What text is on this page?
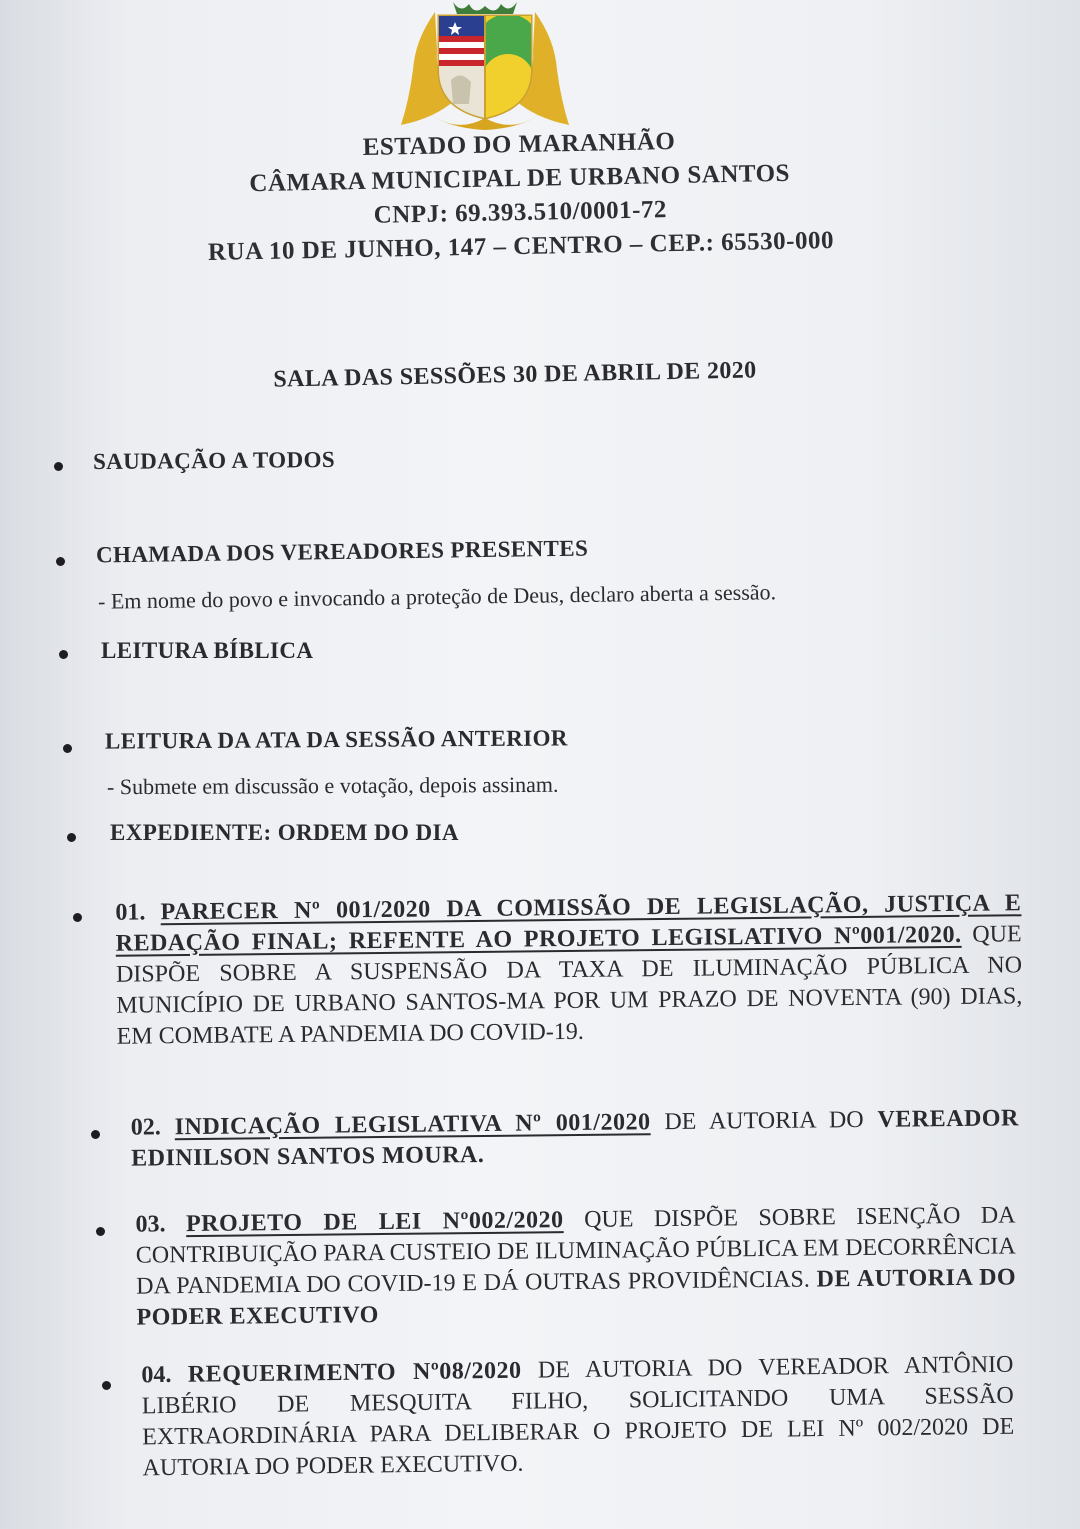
ESTADO DO MARANHÃO
CÂMARA MUNICIPAL DE URBANO SANTOS
CNPJ: 69.393.510/0001-72
RUA 10 DE JUNHO, 147 – CENTRO – CEP.: 65530-000
SALA DAS SESSÕES 30 DE ABRIL DE 2020
SAUDAÇÃO A TODOS
CHAMADA DOS VEREADORES PRESENTES
- Em nome do povo e invocando a proteção de Deus, declaro aberta a sessão.
LEITURA BÍBLICA
LEITURA DA ATA DA SESSÃO ANTERIOR
- Submete em discussão e votação, depois assinam.
EXPEDIENTE: ORDEM DO DIA
01. PARECER Nº 001/2020 DA COMISSÃO DE LEGISLAÇÃO, JUSTIÇA E REDAÇÃO FINAL; REFENTE AO PROJETO LEGISLATIVO Nº001/2020. QUE DISPÕE SOBRE A SUSPENSÃO DA TAXA DE ILUMINAÇÃO PÚBLICA NO MUNICÍPIO DE URBANO SANTOS-MA POR UM PRAZO DE NOVENTA (90) DIAS, EM COMBATE A PANDEMIA DO COVID-19.
02. INDICAÇÃO LEGISLATIVA Nº 001/2020 DE AUTORIA DO VEREADOR EDINILSON SANTOS MOURA.
03. PROJETO DE LEI Nº002/2020 QUE DISPÕE SOBRE ISENÇÃO DA CONTRIBUIÇÃO PARA CUSTEIO DE ILUMINAÇÃO PÚBLICA EM DECORRÊNCIA DA PANDEMIA DO COVID-19 E DÁ OUTRAS PROVIDÊNCIAS. DE AUTORIA DO PODER EXECUTIVO
04. REQUERIMENTO Nº08/2020 DE AUTORIA DO VEREADOR ANTÔNIO LIBÉRIO DE MESQUITA FILHO, SOLICITANDO UMA SESSÃO EXTRAORDINÁRIA PARA DELIBERAR O PROJETO DE LEI Nº 002/2020 DE AUTORIA DO PODER EXECUTIVO.
